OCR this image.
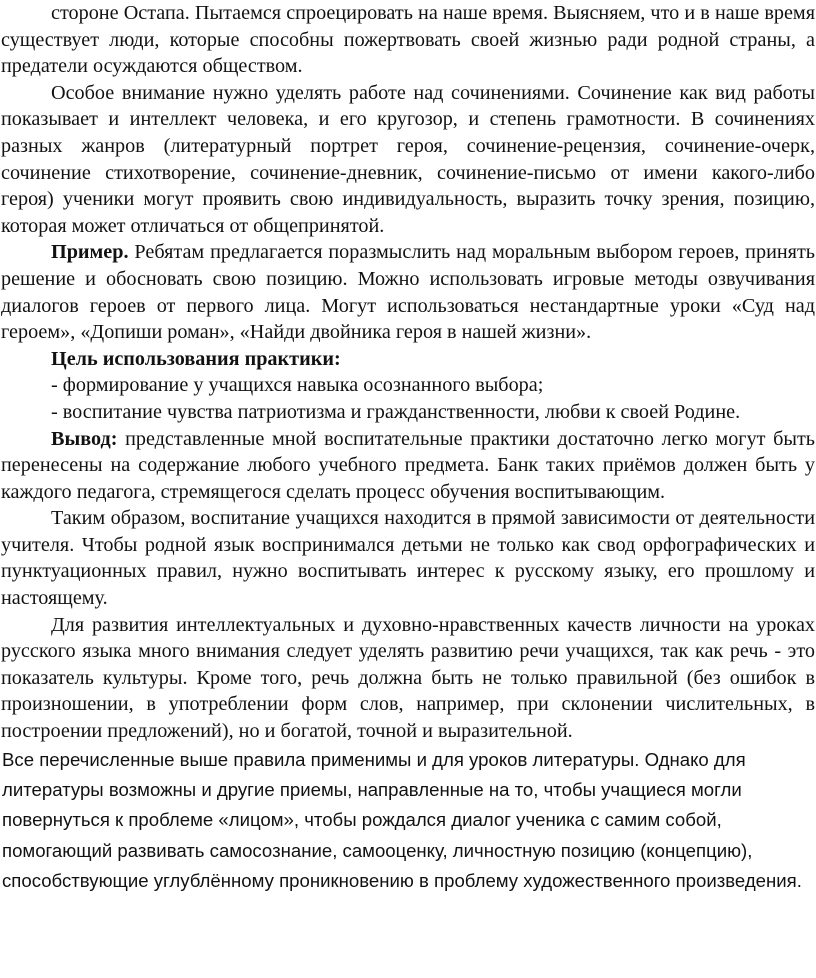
стороне Остапа. Пытаемся спроецировать на наше время. Выясняем, что и в наше время существует люди, которые способны пожертвовать своей жизнью ради родной страны, а предатели осуждаются обществом.

Особое внимание нужно уделять работе над сочинениями. Сочинение как вид работы показывает и интеллект человека, и его кругозор, и степень грамотности. В сочинениях разных жанров (литературный портрет героя, сочинение-рецензия, сочинение-очерк, сочинение стихотворение, сочинение-дневник, сочинение-письмо от имени какого-либо героя) ученики могут проявить свою индивидуальность, выразить точку зрения, позицию, которая может отличаться от общепринятой.

Пример. Ребятам предлагается поразмыслить над моральным выбором героев, принять решение и обосновать свою позицию. Можно использовать игровые методы озвучивания диалогов героев от первого лица. Могут использоваться нестандартные уроки «Суд над героем», «Допиши роман», «Найди двойника героя в нашей жизни».

Цель использования практики:

- формирование у учащихся навыка осознанного выбора;

- воспитание чувства патриотизма и гражданственности, любви к своей Родине.

Вывод: представленные мной воспитательные практики достаточно легко могут быть перенесены на содержание любого учебного предмета. Банк таких приёмов должен быть у каждого педагога, стремящегося сделать процесс обучения воспитывающим.

Таким образом, воспитание учащихся находится в прямой зависимости от деятельности учителя. Чтобы родной язык воспринимался детьми не только как свод орфографических и пунктуационных правил, нужно воспитывать интерес к русскому языку, его прошлому и настоящему.

Для развития интеллектуальных и духовно-нравственных качеств личности на уроках русского языка много внимания следует уделять развитию речи учащихся, так как речь - это показатель культуры. Кроме того, речь должна быть не только правильной (без ошибок в произношении, в употреблении форм слов, например, при склонении числительных, в построении предложений), но и богатой, точной и выразительной.

Все перечисленные выше правила применимы и для уроков литературы. Однако для литературы возможны и другие приемы, направленные на то, чтобы учащиеся могли повернуться к проблеме «лицом», чтобы рождался диалог ученика с самим собой, помогающий развивать самосознание, самооценку, личностную позицию (концепцию), способствующие углублённому проникновению в проблему художественного произведения.
